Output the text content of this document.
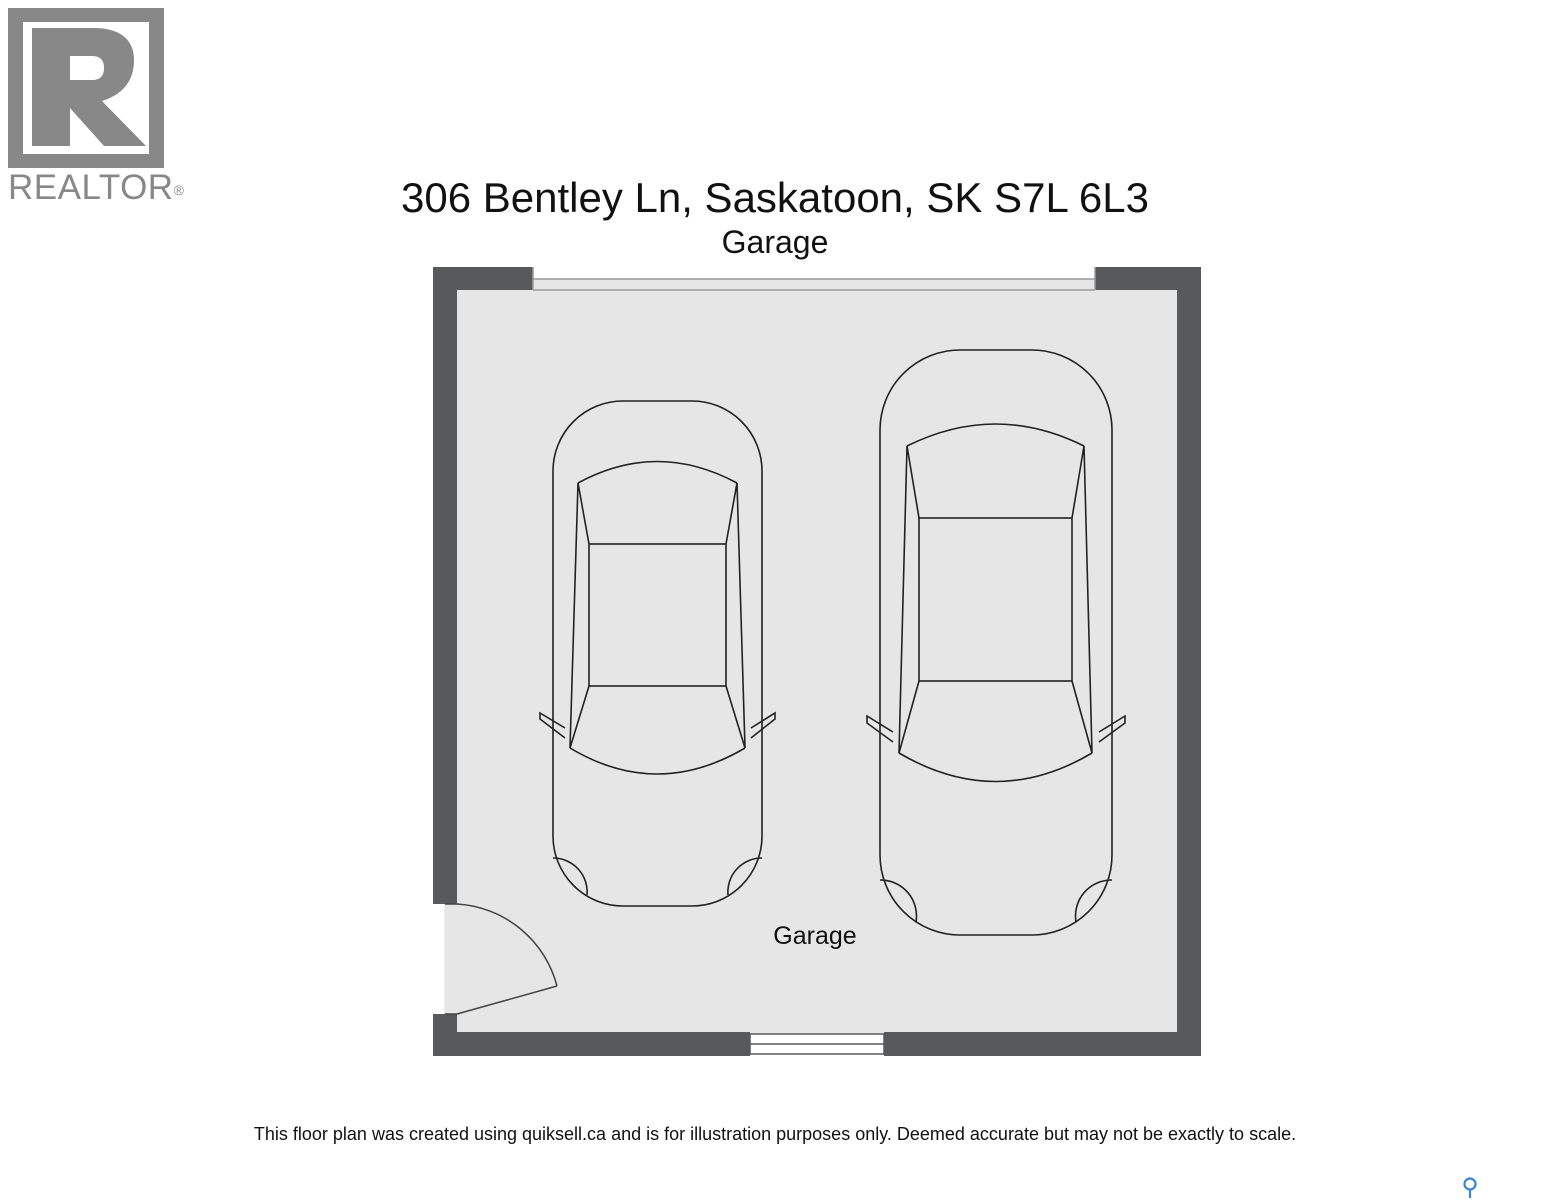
REALTOR®	306 Bentley Ln, Saskatoon, SK S7L 6L3
Garage
Garage
This floor plan was created using quiksell.ca and is for illustration purposes only. Deemed accurate but may not be exactly to scale.
